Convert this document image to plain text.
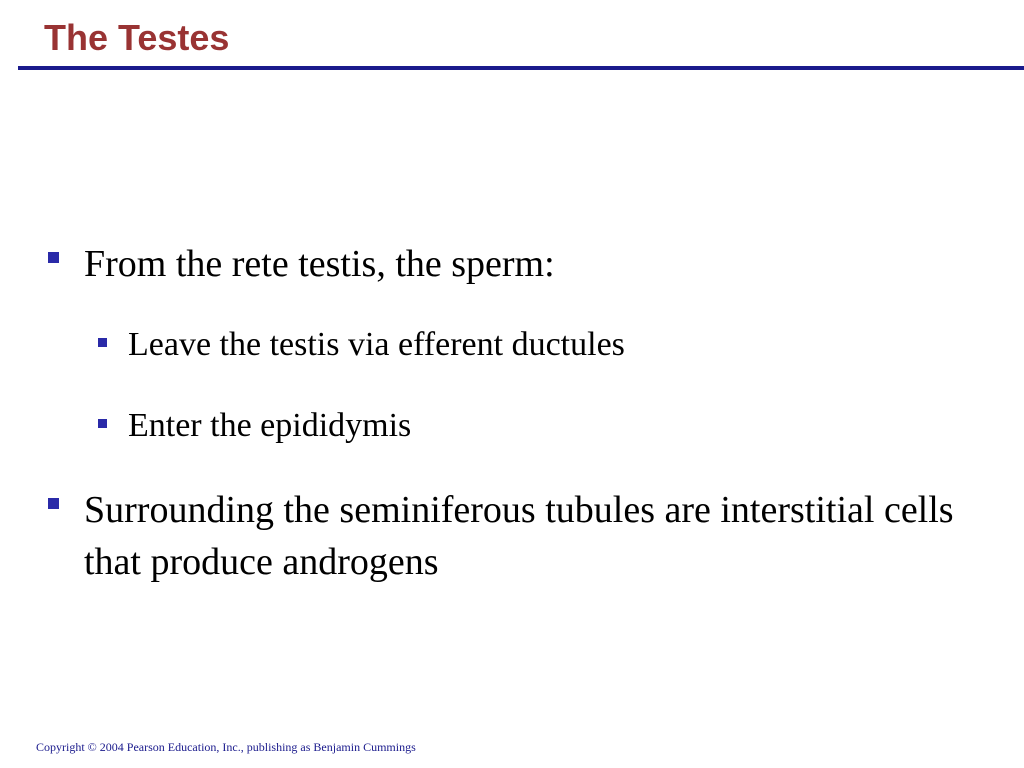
The Testes
From the rete testis, the sperm:
Leave the testis via efferent ductules
Enter the epididymis
Surrounding the seminiferous tubules are interstitial cells that produce androgens
Copyright © 2004 Pearson Education, Inc., publishing as Benjamin Cummings
